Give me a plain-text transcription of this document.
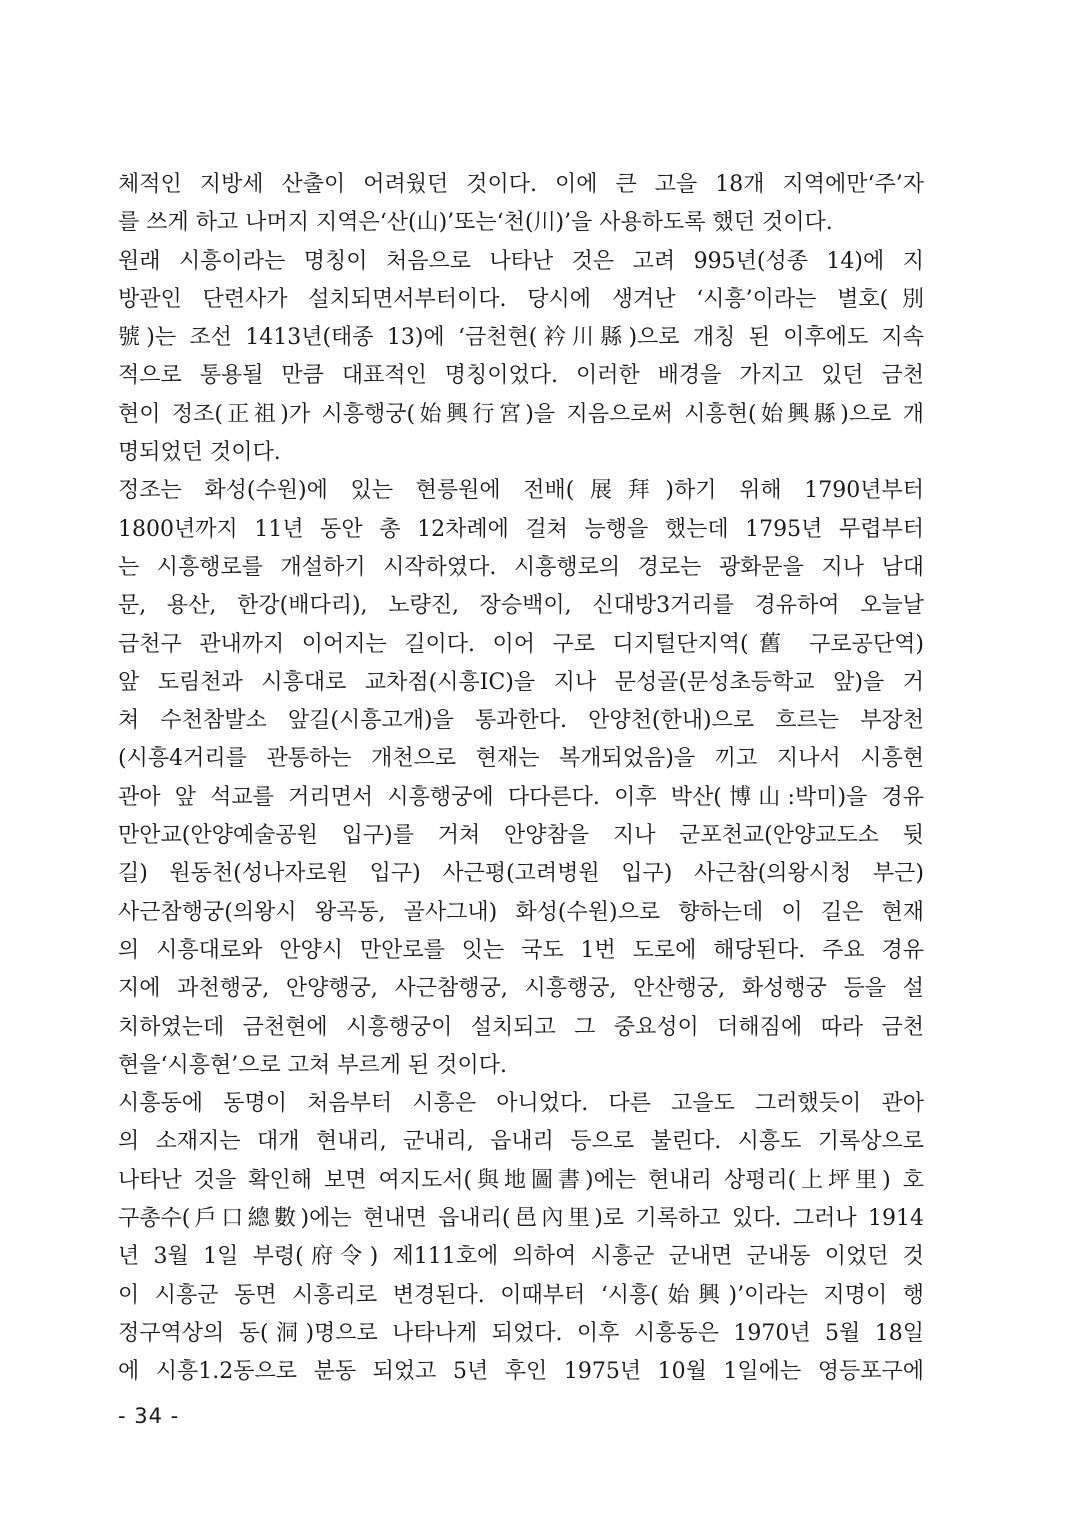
체적인 지방세 산출이 어려웠던 것이다. 이에 큰 고을 18개 지역에만‘주’자
를 쓰게 하고 나머지 지역은‘산(山)’또는‘천(川)’을 사용하도록 했던 것이다.
원래 시흥이라는 명칭이 처음으로 나타난 것은 고려 995년(성종 14)에 지
방관인 단련사가 설치되면서부터이다. 당시에 생겨난 ‘시흥’이라는 별호(別
號)는 조선 1413년(태종 13)에 ‘금천현(衿川縣)으로 개칭 된 이후에도 지속
적으로 통용될 만큼 대표적인 명칭이었다. 이러한 배경을 가지고 있던 금천
현이 정조(正祖)가 시흥행궁(始興行宮)을 지음으로써 시흥현(始興縣)으로 개
명되었던 것이다.
정조는 화성(수원)에 있는 현릉원에 전배(展拜)하기 위해 1790년부터
1800년까지 11년 동안 총 12차례에 걸쳐 능행을 했는데 1795년 무렵부터
는 시흥행로를 개설하기 시작하였다. 시흥행로의 경로는 광화문을 지나 남대
문, 용산, 한강(배다리), 노량진, 장승백이, 신대방3거리를 경유하여 오늘날
금천구 관내까지 이어지는 길이다. 이어 구로 디지털단지역(舊 구로공단역)
앞 도림천과 시흥대로 교차점(시흥IC)을 지나 문성골(문성초등학교 앞)을 거
쳐 수천참발소 앞길(시흥고개)을 통과한다. 안양천(한내)으로 흐르는 부장천
(시흥4거리를 관통하는 개천으로 현재는 복개되었음)을 끼고 지나서 시흥현
관아 앞 석교를 거리면서 시흥행궁에 다다른다. 이후 박산(博山:박미)을 경유
만안교(안양예술공원 입구)를 거쳐 안양참을 지나 군포천교(안양교도소 뒷
길) 원동천(성나자로원 입구) 사근평(고려병원 입구) 사근참(의왕시청 부근)
사근참행궁(의왕시 왕곡동, 골사그내) 화성(수원)으로 향하는데 이 길은 현재
의 시흥대로와 안양시 만안로를 잇는 국도 1번 도로에 해당된다. 주요 경유
지에 과천행궁, 안양행궁, 사근참행궁, 시흥행궁, 안산행궁, 화성행궁 등을 설
치하였는데 금천현에 시흥행궁이 설치되고 그 중요성이 더해짐에 따라 금천
현을‘시흥현’으로 고쳐 부르게 된 것이다.
시흥동에 동명이 처음부터 시흥은 아니었다. 다른 고을도 그러했듯이 관아
의 소재지는 대개 현내리, 군내리, 읍내리 등으로 불린다. 시흥도 기록상으로
나타난 것을 확인해 보면 여지도서(與地圖書)에는 현내리 상평리(上坪里) 호
구총수(戶口總數)에는 현내면 읍내리(邑內里)로 기록하고 있다. 그러나 1914
년 3월 1일 부령(府令) 제111호에 의하여 시흥군 군내면 군내동 이었던 것
이 시흥군 동면 시흥리로 변경된다. 이때부터 ‘시흥(始興)’이라는 지명이 행
정구역상의 동(洞)명으로 나타나게 되었다. 이후 시흥동은 1970년 5월 18일
에 시흥1.2동으로 분동 되었고 5년 후인 1975년 10월 1일에는 영등포구에
- 34 -
